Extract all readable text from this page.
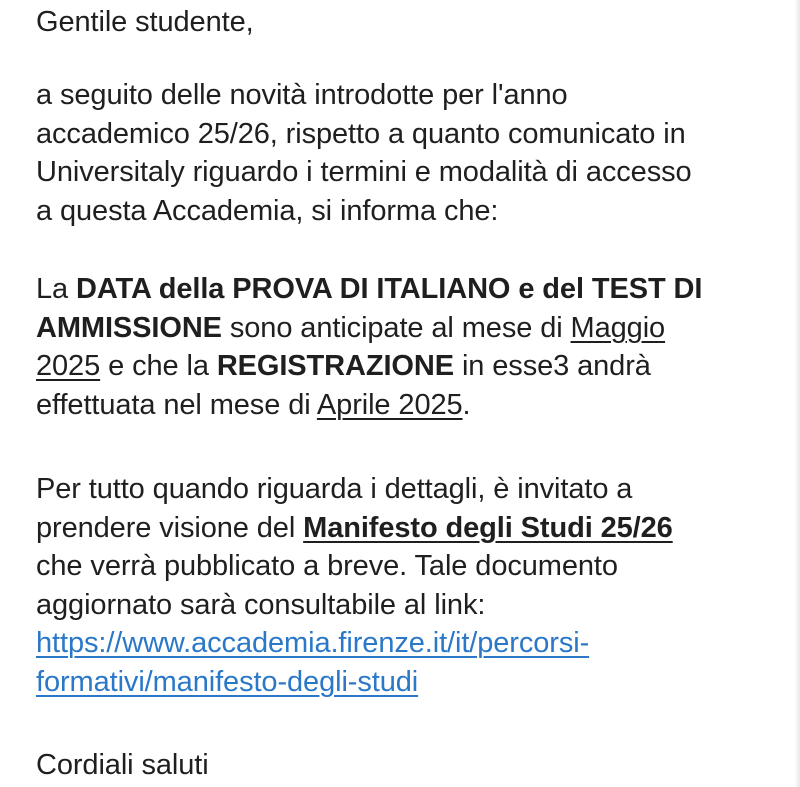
Gentile studente,

a seguito delle novità introdotte per l'anno
accademico 25/26, rispetto a quanto comunicato in
Universitaly riguardo i termini e modalità di accesso
a questa Accademia, si informa che:

La DATA della PROVA DI ITALIANO e del TEST DI
AMMISSIONE sono anticipate al mese di Maggio
2025 e che la REGISTRAZIONE in esse3 andrà
effettuata nel mese di Aprile 2025.

Per tutto quando riguarda i dettagli, è invitato a
prendere visione del Manifesto degli Studi 25/26
che verrà pubblicato a breve. Tale documento
aggiornato sarà consultabile al link:
https://www.accademia.firenze.it/it/percorsi-
formativi/manifesto-degli-studi

Cordiali saluti
